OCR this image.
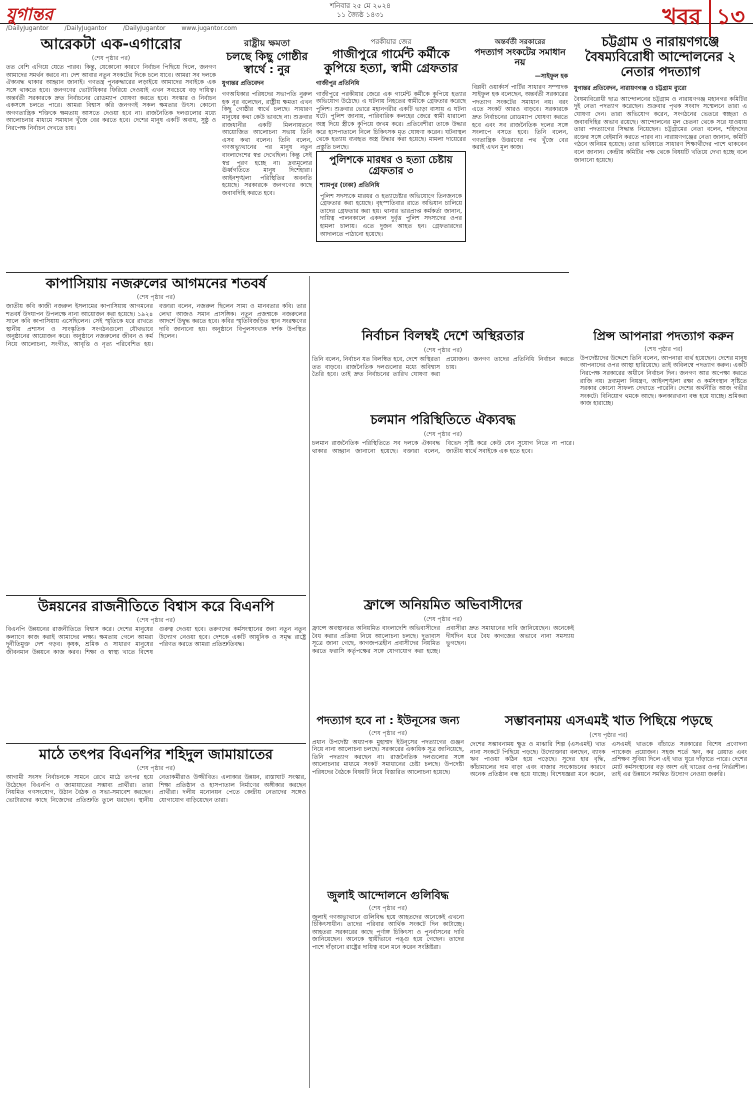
যুগান্তর	শনিবার ২৫ মে ২০২৪
১১ জ্যৈষ্ঠ ১৪৩১	খবর ১৩
/DailyJugantor	/DailyJugantor	/DailyJugantor	www.jugantor.com
আরেকটা এক-এগারোর
(শেষ পৃষ্ঠার পর)
তত বেশি এগিয়ে যেতে পারব। কিন্তু, যেকোনো কারণে নির্বাচন পিছিয়ে দিলে, জনগণ আমাদের সমর্থন করবে না। দেশ আবার নতুন সংকটের দিকে চলে যাবে। আমরা সব দলকে ঐক্যবদ্ধ থাকার আহ্বান জানাই। গণতন্ত্র পুনরুদ্ধারের লড়াইয়ে আমাদের সবাইকে এক সঙ্গে থাকতে হবে। জনগণের ভোটাধিকার ফিরিয়ে দেওয়াই এখন সবচেয়ে বড় দায়িত্ব। অন্তর্বর্তী সরকারকে দ্রুত নির্বাচনের রোডম্যাপ ঘোষণা করতে হবে। সংস্কার ও নির্বাচন একসঙ্গে চলতে পারে। আমরা বিশ্বাস করি জনগণই সকল ক্ষমতার উৎস। কোনো অগণতান্ত্রিক শক্তিকে ক্ষমতায় আসতে দেওয়া হবে না। রাজনৈতিক দলগুলোর মধ্যে আলোচনার মাধ্যমে সমাধান খুঁজে বের করতে হবে। দেশের মানুষ একটি অবাধ, সুষ্ঠু ও নিরপেক্ষ নির্বাচন দেখতে চায়।
রাষ্ট্রীয় ক্ষমতা
চলছে কিছু গোষ্ঠীর স্বার্থে : নুর
যুগান্তর প্রতিবেদন
গণঅধিকার পরিষদের সভাপতি নুরুল হক নুর বলেছেন, রাষ্ট্রীয় ক্ষমতা এখন কিছু গোষ্ঠীর স্বার্থে চলছে। সাধারণ মানুষের কথা কেউ ভাবছে না। শুক্রবার রাজধানীর একটি মিলনায়তনে আয়োজিত আলোচনা সভায় তিনি এসব কথা বলেন। তিনি বলেন, গণঅভ্যুত্থানের পর মানুষ নতুন বাংলাদেশের স্বপ্ন দেখেছিল। কিন্তু সেই স্বপ্ন পূরণ হচ্ছে না। দ্রব্যমূল্যের ঊর্ধ্বগতিতে মানুষ দিশেহারা। আইনশৃঙ্খলা পরিস্থিতির অবনতি হয়েছে। সরকারকে জনগণের কাছে জবাবদিহি করতে হবে।
পরকীয়ার জের
গাজীপুরে গার্মেন্ট কর্মীকে কুপিয়ে হত্যা, স্বামী গ্রেফতার
গাজীপুর প্রতিনিধি
গাজীপুরে পরকীয়ার জেরে এক গার্মেন্ট কর্মীকে কুপিয়ে হত্যার অভিযোগ উঠেছে। এ ঘটনায় নিহতের স্বামীকে গ্রেফতার করেছে পুলিশ। শুক্রবার ভোরে মহানগরীর একটি ভাড়া বাসায় এ ঘটনা ঘটে। পুলিশ জানায়, পারিবারিক কলহের জেরে স্বামী ধারালো অস্ত্র দিয়ে স্ত্রীকে কুপিয়ে জখম করে। প্রতিবেশীরা তাকে উদ্ধার করে হাসপাতালে নিলে চিকিৎসক মৃত ঘোষণা করেন। ঘটনাস্থল থেকে হত্যায় ব্যবহৃত অস্ত্র উদ্ধার করা হয়েছে। মামলা দায়েরের প্রস্তুতি চলছে।
পুলিশকে মারধর ও হত্যা চেষ্টায় গ্রেফতার ৩
শ্যামপুর (ঢাকা) প্রতিনিধি
পুলিশ সদস্যকে মারধর ও হত্যাচেষ্টার অভিযোগে তিনজনকে গ্রেফতার করা হয়েছে। বৃহস্পতিবার রাতে অভিযান চালিয়ে তাদের গ্রেফতার করা হয়। থানার ভারপ্রাপ্ত কর্মকর্তা জানান, দায়িত্ব পালনকালে একদল দুর্বৃত্ত পুলিশ সদস্যদের ওপর হামলা চালায়। এতে দুজন আহত হন। গ্রেফতারদের আদালতে পাঠানো হয়েছে।
অন্তর্বর্তী সরকারের
পদত্যাগ সংকটের সমাধান নয়
—সাইফুল হক
বিপ্লবী ওয়ার্কার্স পার্টির সাধারণ সম্পাদক সাইফুল হক বলেছেন, অন্তর্বর্তী সরকারের পদত্যাগ সংকটের সমাধান নয়। বরং এতে সংকট আরও বাড়বে। সরকারকে দ্রুত নির্বাচনের রোডম্যাপ ঘোষণা করতে হবে এবং সব রাজনৈতিক দলের সঙ্গে সংলাপে বসতে হবে। তিনি বলেন, গণতান্ত্রিক উত্তরণের পথ খুঁজে বের করাই এখন মূল কাজ।
চট্টগ্রাম ও নারায়ণগঞ্জে বৈষম্যবিরোধী আন্দোলনের ২ নেতার পদত্যাগ
যুগান্তর প্রতিবেদন, নারায়ণগঞ্জ ও চট্টগ্রাম ব্যুরো
বৈষম্যবিরোধী ছাত্র আন্দোলনের চট্টগ্রাম ও নারায়ণগঞ্জ মহানগর কমিটির দুই নেতা পদত্যাগ করেছেন। শুক্রবার পৃথক সংবাদ সম্মেলনে তারা এ ঘোষণা দেন। তারা অভিযোগ করেন, সংগঠনের ভেতরে স্বচ্ছতা ও জবাবদিহির অভাব রয়েছে। আন্দোলনের মূল চেতনা থেকে সরে যাওয়ায় তারা পদত্যাগের সিদ্ধান্ত নিয়েছেন। চট্টগ্রামের নেতা বলেন, শহিদদের রক্তের সঙ্গে বেইমানি করতে পারব না। নারায়ণগঞ্জের নেতা জানান, কমিটি গঠনে অনিয়ম হয়েছে। তারা ভবিষ্যতে সাধারণ শিক্ষার্থীদের পাশে থাকবেন বলে জানান। কেন্দ্রীয় কমিটির পক্ষ থেকে বিষয়টি খতিয়ে দেখা হচ্ছে বলে জানানো হয়েছে।
কাপাসিয়ায় নজরুলের আগমনের শতবর্ষ
(শেষ পৃষ্ঠার পর)
জাতীয় কবি কাজী নজরুল ইসলামের কাপাসিয়ায় আগমনের শতবর্ষ উদযাপন উপলক্ষে নানা আয়োজন করা হয়েছে। ১৯২৪ সালে কবি কাপাসিয়ায় এসেছিলেন। সেই স্মৃতিকে ধরে রাখতে স্থানীয় প্রশাসন ও সাংস্কৃতিক সংগঠনগুলো যৌথভাবে অনুষ্ঠানের আয়োজন করে। অনুষ্ঠানে নজরুলের জীবন ও কর্ম নিয়ে আলোচনা, সংগীত, আবৃত্তি ও নৃত্য পরিবেশিত হয়। বক্তারা বলেন, নজরুল ছিলেন সাম্য ও মানবতার কবি। তার লেখা আজও সমান প্রাসঙ্গিক। নতুন প্রজন্মকে নজরুলের আদর্শে উদ্বুদ্ধ করতে হবে। কবির স্মৃতিবিজড়িত স্থান সংরক্ষণের দাবি জানানো হয়। অনুষ্ঠানে বিপুলসংখ্যক দর্শক উপস্থিত ছিলেন।	নির্বাচন বিলম্বই দেশে অস্থিরতার
(শেষ পৃষ্ঠার পর)
তিনি বলেন, নির্বাচন যত বিলম্বিত হবে, দেশে অস্থিরতা তত বাড়বে। রাজনৈতিক দলগুলোর মধ্যে অবিশ্বাস তৈরি হবে। তাই দ্রুত নির্বাচনের তারিখ ঘোষণা করা প্রয়োজন। জনগণ তাদের প্রতিনিধি নির্বাচন করতে চায়।
চলমান পরিস্থিতিতে ঐক্যবদ্ধ
(শেষ পৃষ্ঠার পর)
চলমান রাজনৈতিক পরিস্থিতিতে সব দলকে ঐক্যবদ্ধ থাকার আহ্বান জানানো হয়েছে। বক্তারা বলেন, বিভেদ সৃষ্টি করে কেউ যেন সুযোগ নিতে না পারে। জাতীয় স্বার্থে সবাইকে এক হতে হবে।
প্রিন্স আপনারা পদত্যাগ করুন
(শেষ পৃষ্ঠার পর)
উপদেষ্টাদের উদ্দেশে তিনি বলেন, আপনারা ব্যর্থ হয়েছেন। দেশের মানুষ আপনাদের ওপর আস্থা হারিয়েছে। তাই অবিলম্বে পদত্যাগ করুন। একটি নিরপেক্ষ সরকারের অধীনে নির্বাচন দিন। জনগণ আর অপেক্ষা করতে রাজি নয়। দ্রব্যমূল্য নিয়ন্ত্রণ, আইনশৃঙ্খলা রক্ষা ও কর্মসংস্থান সৃষ্টিতে সরকার কোনো সাফল্য দেখাতে পারেনি। দেশের অর্থনীতি আজ গভীর সংকটে। বিনিয়োগ থমকে আছে। কলকারখানা বন্ধ হয়ে যাচ্ছে। শ্রমিকরা কাজ হারাচ্ছে।
উন্নয়নের রাজনীতিতে বিশ্বাস করে বিএনপি
(শেষ পৃষ্ঠার পর)
বিএনপি উন্নয়নের রাজনীতিতে বিশ্বাস করে। দেশের মানুষের কল্যাণে কাজ করাই আমাদের লক্ষ্য। ক্ষমতায় গেলে আমরা দুর্নীতিমুক্ত দেশ গড়ব। কৃষক, শ্রমিক ও সাধারণ মানুষের জীবনমান উন্নয়নে কাজ করব। শিক্ষা ও স্বাস্থ্য খাতে বিশেষ গুরুত্ব দেওয়া হবে। তরুণদের কর্মসংস্থানের জন্য নতুন নতুন উদ্যোগ নেওয়া হবে। দেশকে একটি আধুনিক ও সমৃদ্ধ রাষ্ট্রে পরিণত করতে আমরা প্রতিশ্রুতিবদ্ধ।
ফ্রান্সে অনিয়মিত অভিবাসীদের
(শেষ পৃষ্ঠার পর)
ফ্রান্সে অবস্থানরত অনিয়মিত বাংলাদেশি অভিবাসীদের বৈধ করার প্রক্রিয়া নিয়ে আলোচনা চলছে। দূতাবাস সূত্রে জানা গেছে, কাগজপত্রহীন প্রবাসীদের নিয়মিত করতে ফরাসি কর্তৃপক্ষের সঙ্গে যোগাযোগ করা হচ্ছে। প্রবাসীরা দ্রুত সমাধানের দাবি জানিয়েছেন। অনেকেই দীর্ঘদিন ধরে বৈধ কাগজের অভাবে নানা সমস্যায় ভুগছেন।
সম্ভাবনাময় এসএমই খাত পিছিয়ে পড়ছে
(শেষ পৃষ্ঠার পর)
দেশের সম্ভাবনাময় ক্ষুদ্র ও মাঝারি শিল্প (এসএমই) খাত নানা সংকটে পিছিয়ে পড়ছে। উদ্যোক্তারা বলছেন, ব্যাংক ঋণ পাওয়া কঠিন হয়ে পড়েছে। সুদের হার বৃদ্ধি, কাঁচামালের দাম বাড়া এবং বাজার সংকোচনের কারণে অনেক প্রতিষ্ঠান বন্ধ হয়ে যাচ্ছে। বিশেষজ্ঞরা মনে করেন, এসএমই খাতকে বাঁচাতে সরকারের বিশেষ প্রণোদনা প্যাকেজ প্রয়োজন। সহজ শর্তে ঋণ, কর রেয়াত এবং প্রশিক্ষণ সুবিধা দিলে এই খাত ঘুরে দাঁড়াতে পারে। দেশের মোট কর্মসংস্থানের বড় অংশ এই খাতের ওপর নির্ভরশীল। তাই এর উন্নয়নে সমন্বিত উদ্যোগ নেওয়া জরুরি।
পদত্যাগ হবে না : ইউনূসের জন্য
(শেষ পৃষ্ঠার পর)
প্রধান উপদেষ্টা অধ্যাপক মুহাম্মদ ইউনূসের পদত্যাগের গুঞ্জন নিয়ে নানা আলোচনা চলছে। সরকারের একাধিক সূত্র জানিয়েছে, তিনি পদত্যাগ করছেন না। রাজনৈতিক দলগুলোর সঙ্গে আলোচনার মাধ্যমে সংকট সমাধানের চেষ্টা চলছে। উপদেষ্টা পরিষদের বৈঠকে বিষয়টি নিয়ে বিস্তারিত আলোচনা হয়েছে।
মাঠে তৎপর বিএনপির শহিদুল জামায়াতের
(শেষ পৃষ্ঠার পর)
আগামী সংসদ নির্বাচনকে সামনে রেখে মাঠে তৎপর হয়ে উঠেছেন বিএনপি ও জামায়াতের সম্ভাব্য প্রার্থীরা। তারা নিয়মিত গণসংযোগ, উঠান বৈঠক ও সভা-সমাবেশ করছেন। ভোটারদের কাছে নিজেদের প্রতিশ্রুতি তুলে ধরছেন। স্থানীয় নেতাকর্মীরাও উজ্জীবিত। এলাকার উন্নয়ন, রাস্তাঘাট সংস্কার, শিক্ষা প্রতিষ্ঠান ও হাসপাতাল নির্মাণের অঙ্গীকার করছেন প্রার্থীরা। দলীয় মনোনয়ন পেতে কেন্দ্রীয় নেতাদের সঙ্গেও যোগাযোগ বাড়িয়েছেন তারা।
জুলাই আন্দোলনে গুলিবিদ্ধ
(শেষ পৃষ্ঠার পর)
জুলাই গণঅভ্যুত্থানে গুলিবিদ্ধ হয়ে আহতদের অনেকেই এখনো চিকিৎসাধীন। তাদের পরিবার আর্থিক সংকটে দিন কাটাচ্ছে। আহতরা সরকারের কাছে পূর্ণাঙ্গ চিকিৎসা ও পুনর্বাসনের দাবি জানিয়েছেন। অনেকে স্থায়ীভাবে পঙ্গু হয়ে গেছেন। তাদের পাশে দাঁড়ানো রাষ্ট্রের দায়িত্ব বলে মনে করেন সংশ্লিষ্টরা।
